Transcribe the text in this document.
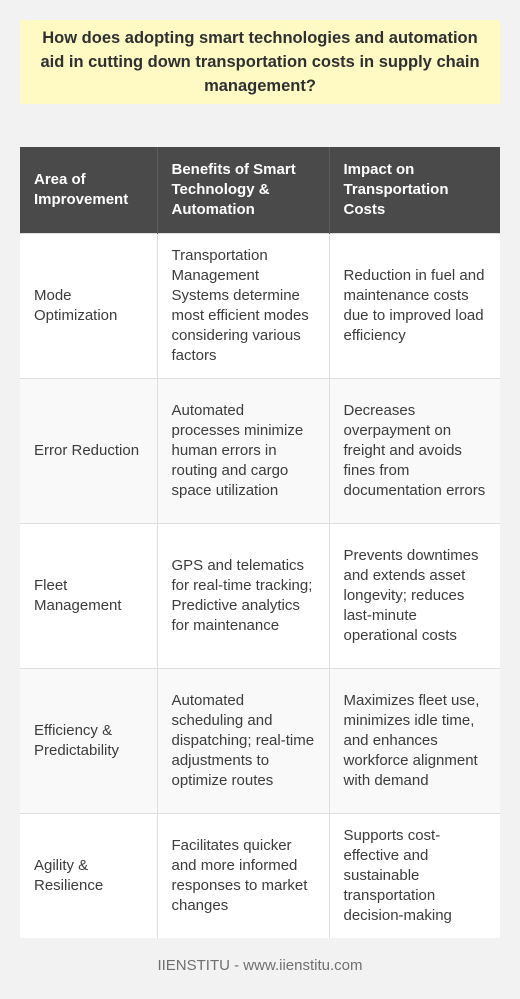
How does adopting smart technologies and automation aid in cutting down transportation costs in supply chain management?
Area of Improvement	Benefits of Smart Technology & Automation	Impact on Transportation Costs
Mode Optimization	Transportation Management Systems determine most efficient modes considering various factors	Reduction in fuel and maintenance costs due to improved load efficiency
Error Reduction	Automated processes minimize human errors in routing and cargo space utilization	Decreases overpayment on freight and avoids fines from documentation errors
Fleet Management	GPS and telematics for real-time tracking; Predictive analytics for maintenance	Prevents downtimes and extends asset longevity; reduces last-minute operational costs
Efficiency & Predictability	Automated scheduling and dispatching; real-time adjustments to optimize routes	Maximizes fleet use, minimizes idle time, and enhances workforce alignment with demand
Agility & Resilience	Facilitates quicker and more informed responses to market changes	Supports cost-effective and sustainable transportation decision-making
IIENSTITU - www.iienstitu.com
